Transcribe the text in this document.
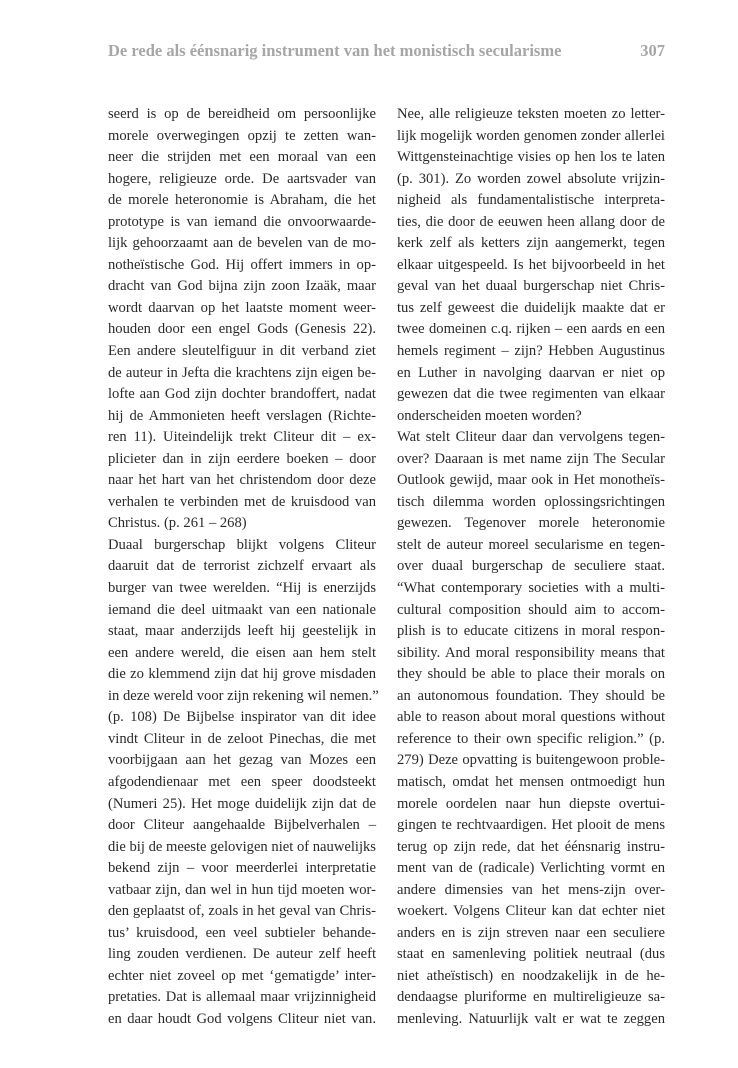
De rede als éénsnarig instrument van het monistisch secularisme	307
seerd is op de bereidheid om persoonlijke
morele overwegingen opzij te zetten wan-
neer die strijden met een moraal van een
hogere, religieuze orde. De aartsvader van
de morele heteronomie is Abraham, die het
prototype is van iemand die onvoorwaarde-
lijk gehoorzaamt aan de bevelen van de mo-
notheïstische God. Hij offert immers in op-
dracht van God bijna zijn zoon Izaäk, maar
wordt daarvan op het laatste moment weer-
houden door een engel Gods (Genesis 22).
Een andere sleutelfiguur in dit verband ziet
de auteur in Jefta die krachtens zijn eigen be-
lofte aan God zijn dochter brandoffert, nadat
hij de Ammonieten heeft verslagen (Richte-
ren 11). Uiteindelijk trekt Cliteur dit – ex-
plicieter dan in zijn eerdere boeken – door
naar het hart van het christendom door deze
verhalen te verbinden met de kruisdood van
Christus. (p. 261 – 268)
Duaal burgerschap blijkt volgens Cliteur
daaruit dat de terrorist zichzelf ervaart als
burger van twee werelden. “Hij is enerzijds
iemand die deel uitmaakt van een nationale
staat, maar anderzijds leeft hij geestelijk in
een andere wereld, die eisen aan hem stelt
die zo klemmend zijn dat hij grove misdaden
in deze wereld voor zijn rekening wil nemen.”
(p. 108) De Bijbelse inspirator van dit idee
vindt Cliteur in de zeloot Pinechas, die met
voorbijgaan aan het gezag van Mozes een
afgodendienaar met een speer doodsteekt
(Numeri 25). Het moge duidelijk zijn dat de
door Cliteur aangehaalde Bijbelverhalen –
die bij de meeste gelovigen niet of nauwelijks
bekend zijn – voor meerderlei interpretatie
vatbaar zijn, dan wel in hun tijd moeten wor-
den geplaatst of, zoals in het geval van Chris-
tus’ kruisdood, een veel subtieler behande-
ling zouden verdienen. De auteur zelf heeft
echter niet zoveel op met ‘gematigde’ inter-
pretaties. Dat is allemaal maar vrijzinnigheid
en daar houdt God volgens Cliteur niet van.
Nee, alle religieuze teksten moeten zo letter-
lijk mogelijk worden genomen zonder allerlei
Wittgensteinachtige visies op hen los te laten
(p. 301). Zo worden zowel absolute vrijzin-
nigheid als fundamentalistische interpreta-
ties, die door de eeuwen heen allang door de
kerk zelf als ketters zijn aangemerkt, tegen
elkaar uitgespeeld. Is het bijvoorbeeld in het
geval van het duaal burgerschap niet Chris-
tus zelf geweest die duidelijk maakte dat er
twee domeinen c.q. rijken – een aards en een
hemels regiment – zijn? Hebben Augustinus
en Luther in navolging daarvan er niet op
gewezen dat die twee regimenten van elkaar
onderscheiden moeten worden?
Wat stelt Cliteur daar dan vervolgens tegen-
over? Daaraan is met name zijn The Secular
Outlook gewijd, maar ook in Het monotheïs-
tisch dilemma worden oplossingsrichtingen
gewezen. Tegenover morele heteronomie
stelt de auteur moreel secularisme en tegen-
over duaal burgerschap de seculiere staat.
“What contemporary societies with a multi-
cultural composition should aim to accom-
plish is to educate citizens in moral respon-
sibility. And moral responsibility means that
they should be able to place their morals on
an autonomous foundation. They should be
able to reason about moral questions without
reference to their own specific religion.” (p.
279) Deze opvatting is buitengewoon proble-
matisch, omdat het mensen ontmoedigt hun
morele oordelen naar hun diepste overtui-
gingen te rechtvaardigen. Het plooit de mens
terug op zijn rede, dat het éénsnarig instru-
ment van de (radicale) Verlichting vormt en
andere dimensies van het mens-zijn over-
woekert. Volgens Cliteur kan dat echter niet
anders en is zijn streven naar een seculiere
staat en samenleving politiek neutraal (dus
niet atheïstisch) en noodzakelijk in de he-
dendaagse pluriforme en multireligieuze sa-
menleving. Natuurlijk valt er wat te zeggen
